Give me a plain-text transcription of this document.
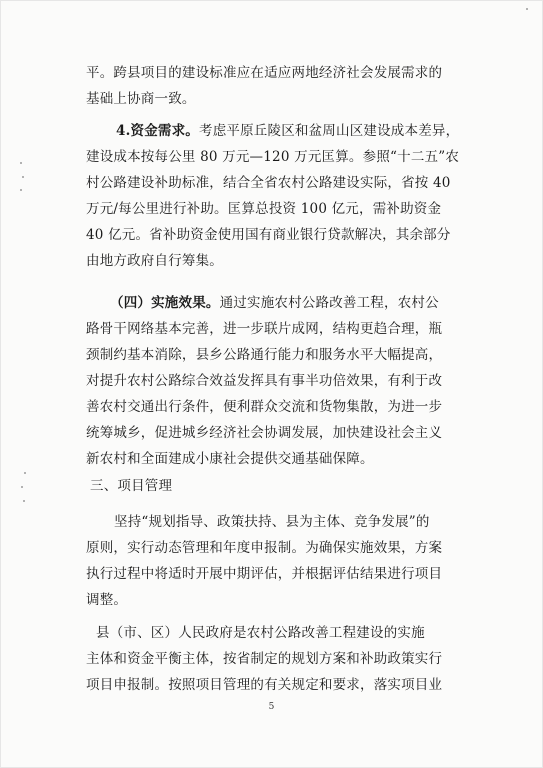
平。跨县项目的建设标准应在适应两地经济社会发展需求的
基础上协商一致。
4.资金需求。考虑平原丘陵区和盆周山区建设成本差异，
建设成本按每公里 80 万元—120 万元匡算。参照“十二五”农
村公路建设补助标准，结合全省农村公路建设实际，省按 40
万元/每公里进行补助。匡算总投资 100 亿元，需补助资金
40 亿元。省补助资金使用国有商业银行贷款解决，其余部分
由地方政府自行筹集。
（四）实施效果。通过实施农村公路改善工程，农村公
路骨干网络基本完善，进一步联片成网，结构更趋合理，瓶
颈制约基本消除，县乡公路通行能力和服务水平大幅提高，
对提升农村公路综合效益发挥具有事半功倍效果，有利于改
善农村交通出行条件，便利群众交流和货物集散，为进一步
统筹城乡，促进城乡经济社会协调发展，加快建设社会主义
新农村和全面建成小康社会提供交通基础保障。
三、项目管理
坚持“规划指导、政策扶持、县为主体、竞争发展”的
原则，实行动态管理和年度申报制。为确保实施效果，方案
执行过程中将适时开展中期评估，并根据评估结果进行项目
调整。
县（市、区）人民政府是农村公路改善工程建设的实施
主体和资金平衡主体，按省制定的规划方案和补助政策实行
项目申报制。按照项目管理的有关规定和要求，落实项目业
5
